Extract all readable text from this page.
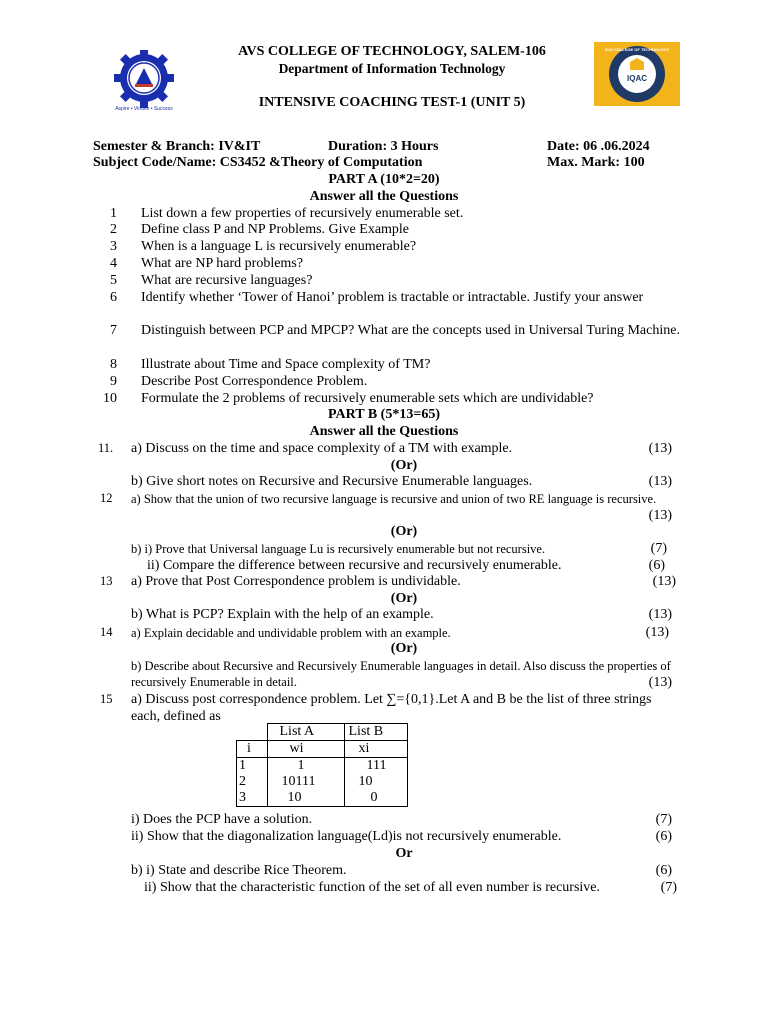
Aspire • Virtues • Success
AVS COLLEGE OF TECHNOLOGY
IQAC
AVS COLLEGE OF TECHNOLOGY, SALEM-106
Department of Information Technology
INTENSIVE COACHING TEST-1 (UNIT 5)
Semester & Branch: IV&IT	Duration: 3 Hours	Date: 06 .06.2024
Subject Code/Name: CS3452 &Theory of Computation	Max. Mark: 100
PART A (10*2=20)
Answer all the Questions
1 List down a few properties of recursively enumerable set.
2 Define class P and NP Problems. Give Example
3 When is a language L is recursively enumerable?
4 What are NP hard problems?
5 What are recursive languages?
6 Identify whether ‘Tower of Hanoi’ problem is tractable or intractable. Justify your answer
7 Distinguish between PCP and MPCP? What are the concepts used in Universal Turing Machine.
8 Illustrate about Time and Space complexity of TM?
9 Describe Post Correspondence Problem.
10 Formulate the 2 problems of recursively enumerable sets which are undividable?
PART B (5*13=65)
Answer all the Questions
11. a) Discuss on the time and space complexity of a TM with example.	(13)
(Or)
b) Give short notes on Recursive and Recursive Enumerable languages.	(13)
12 a) Show that the union of two recursive language is recursive and union of two RE language is recursive.
(13)
(Or)
b) i) Prove that Universal language Lu is recursively enumerable but not recursive.	(7)
ii) Compare the difference between recursive and recursively enumerable.	(6)
13 a) Prove that Post Correspondence problem is undividable.	(13)
(Or)
b) What is PCP? Explain with the help of an example.	(13)
14 a) Explain decidable and undividable problem with an example.	(13)
(Or)
b) Describe about Recursive and Recursively Enumerable languages in detail. Also discuss the properties of recursively Enumerable in detail.	(13)
15 a) Discuss post correspondence problem. Let ∑={0,1}.Let A and B be the list of three strings each, defined as
	List A	List B
i	wi	xi
1	1	111
2	10111	10
3	10	0
i) Does the PCP have a solution.	(7)
ii) Show that the diagonalization language(Ld)is not recursively enumerable.	(6)
Or
b) i) State and describe Rice Theorem.	(6)
ii) Show that the characteristic function of the set of all even number is recursive.	(7)
